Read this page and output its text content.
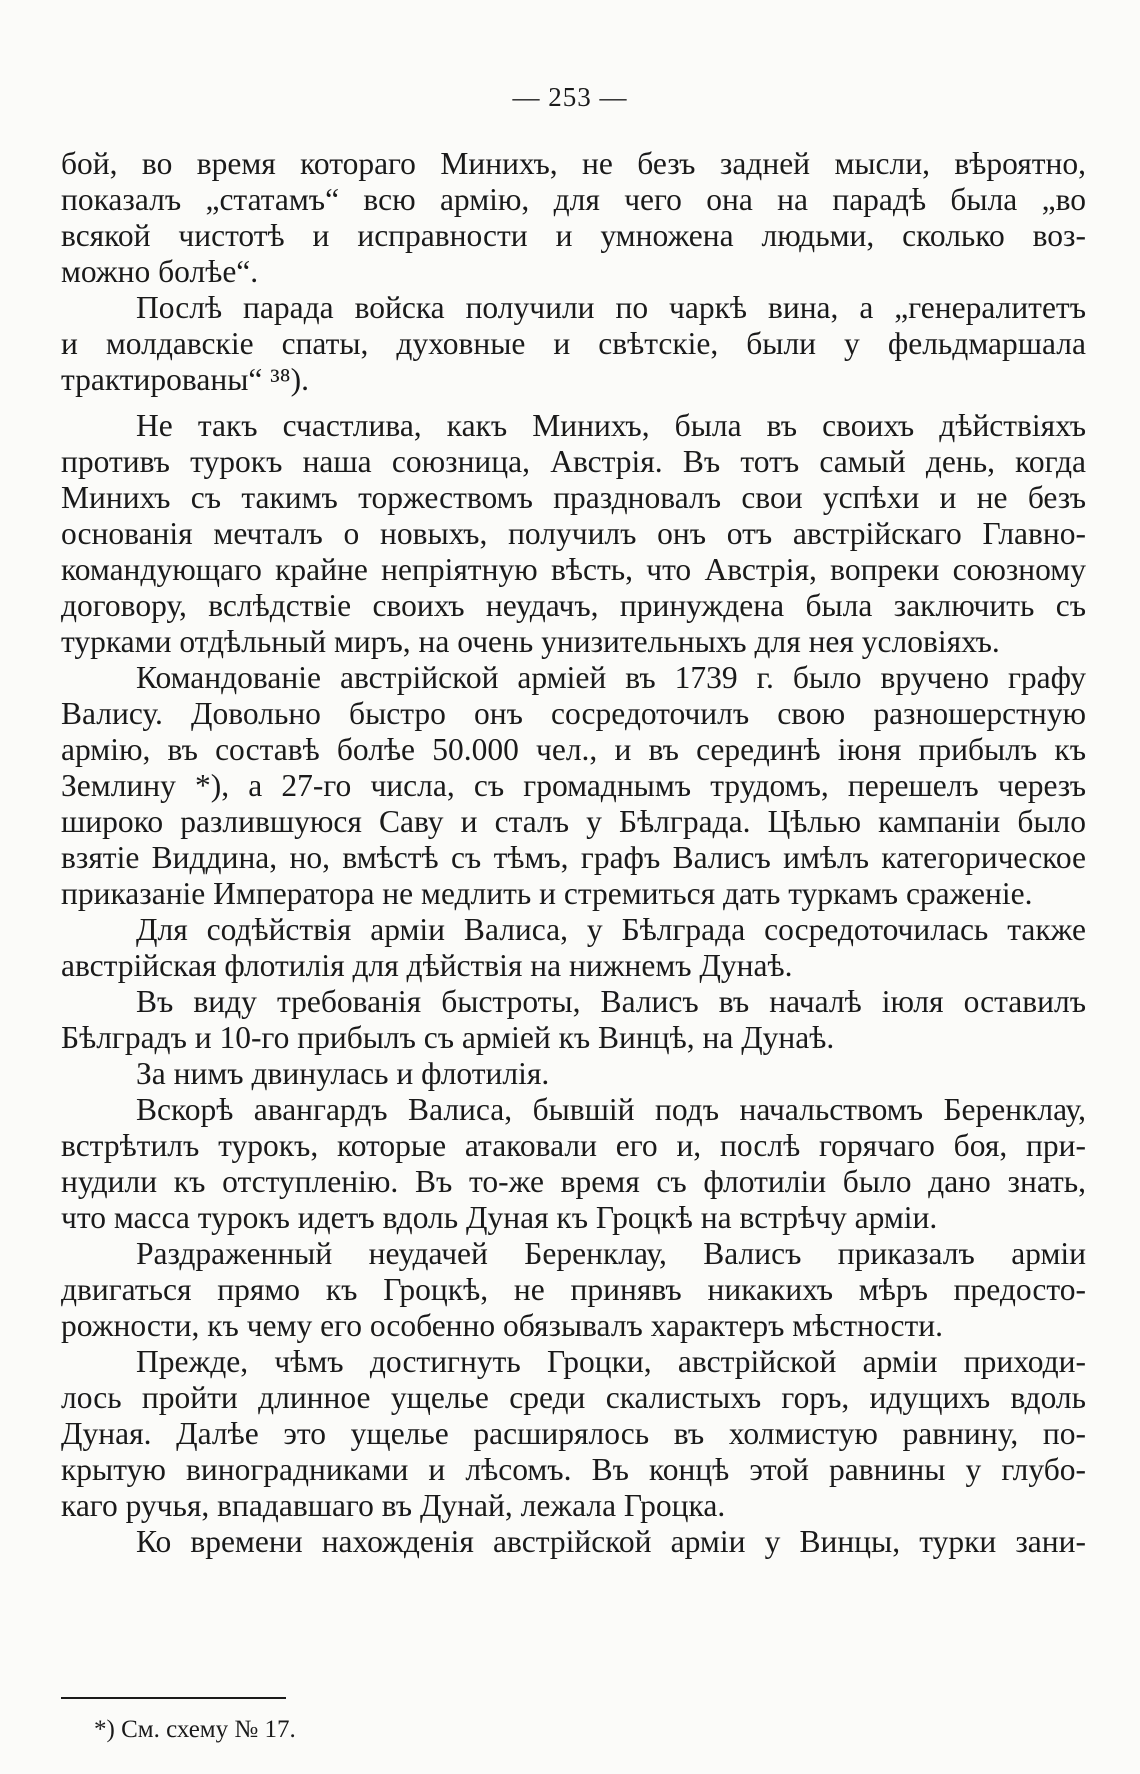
— 253 —
бой, во время котораго Минихъ, не безъ задней мысли, вѣроятно,
показалъ „статамъ“ всю армію, для чего она на парадѣ была „во
всякой чистотѣ и исправности и умножена людьми, сколько воз-
можно болѣе“.
Послѣ парада войска получили по чаркѣ вина, а „генералитетъ
и молдавскіе спаты, духовные и свѣтскіе, были у фельдмаршала
трактированы“ ³⁸).
Не такъ счастлива, какъ Минихъ, была въ своихъ дѣйствіяхъ
противъ турокъ наша союзница, Австрія. Въ тотъ самый день, когда
Минихъ съ такимъ торжествомъ праздновалъ свои успѣхи и не безъ
основанія мечталъ о новыхъ, получилъ онъ отъ австрійскаго Главно-
командующаго крайне непріятную вѣсть, что Австрія, вопреки союзному
договору, вслѣдствіе своихъ неудачъ, принуждена была заключить съ
турками отдѣльный миръ, на очень унизительныхъ для нея условіяхъ.
Командованіе австрійской арміей въ 1739 г. было вручено графу
Валису. Довольно быстро онъ сосредоточилъ свою разношерстную
армію, въ составѣ болѣе 50.000 чел., и въ серединѣ іюня прибылъ къ
Землину *), а 27-го числа, съ громаднымъ трудомъ, перешелъ черезъ
широко разлившуюся Саву и сталъ у Бѣлграда. Цѣлью кампаніи было
взятіе Виддина, но, вмѣстѣ съ тѣмъ, графъ Валисъ имѣлъ категорическое
приказаніе Императора не медлить и стремиться дать туркамъ сраженіе.
Для содѣйствія арміи Валиса, у Бѣлграда сосредоточилась также
австрійская флотилія для дѣйствія на нижнемъ Дунаѣ.
Въ виду требованія быстроты, Валисъ въ началѣ іюля оставилъ
Бѣлградъ и 10-го прибылъ съ арміей къ Винцѣ, на Дунаѣ.
За нимъ двинулась и флотилія.
Вскорѣ авангардъ Валиса, бывшій подъ начальствомъ Беренклау,
встрѣтилъ турокъ, которые атаковали его и, послѣ горячаго боя, при-
нудили къ отступленію. Въ то-же время съ флотиліи было дано знать,
что масса турокъ идетъ вдоль Дуная къ Гроцкѣ на встрѣчу арміи.
Раздраженный неудачей Беренклау, Валисъ приказалъ арміи
двигаться прямо къ Гроцкѣ, не принявъ никакихъ мѣръ предосто-
рожности, къ чему его особенно обязывалъ характеръ мѣстности.
Прежде, чѣмъ достигнуть Гроцки, австрійской арміи приходи-
лось пройти длинное ущелье среди скалистыхъ горъ, идущихъ вдоль
Дуная. Далѣе это ущелье расширялось въ холмистую равнину, по-
крытую виноградниками и лѣсомъ. Въ концѣ этой равнины у глубо-
каго ручья, впадавшаго въ Дунай, лежала Гроцка.
Ко времени нахожденія австрійской арміи у Винцы, турки зани-
*) См. схему № 17.
